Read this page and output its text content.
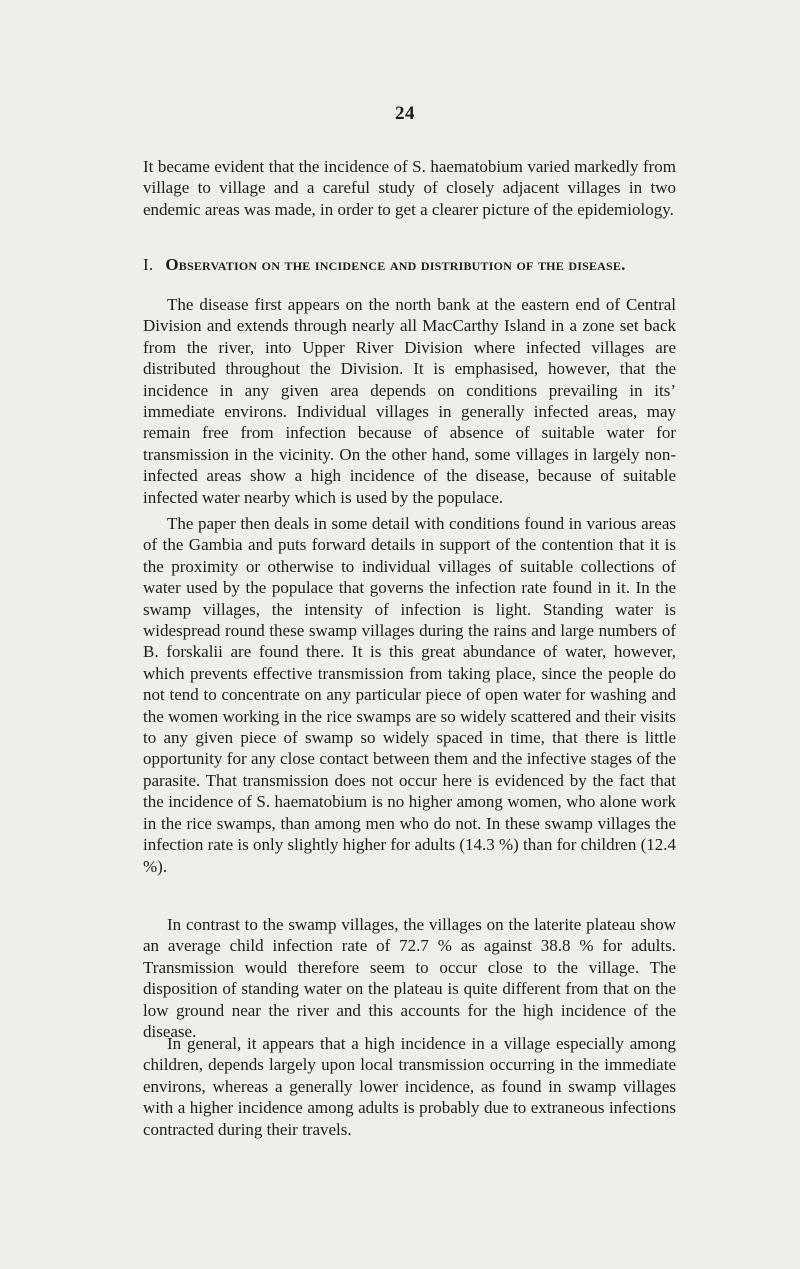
24

It became evident that the incidence of S. haematobium varied markedly from village to village and a careful study of closely adjacent villages in two endemic areas was made, in order to get a clearer picture of the epidemiology.

I. Observation on the incidence and distribution of the disease.

The disease first appears on the north bank at the eastern end of Central Division and extends through nearly all MacCarthy Island in a zone set back from the river, into Upper River Division where infected villages are distributed throughout the Division. It is emphasised, however, that the incidence in any given area depends on conditions prevailing in its’ immediate environs. Individual villages in generally infected areas, may remain free from infection because of absence of suitable water for transmission in the vicinity. On the other hand, some villages in largely non-infected areas show a high incidence of the disease, because of suitable infected water nearby which is used by the populace.

The paper then deals in some detail with conditions found in various areas of the Gambia and puts forward details in support of the contention that it is the proximity or otherwise to individual villages of suitable collections of water used by the populace that governs the infection rate found in it. In the swamp villages, the intensity of infection is light. Standing water is widespread round these swamp villages during the rains and large numbers of B. forskalii are found there. It is this great abundance of water, however, which prevents effective transmission from taking place, since the people do not tend to concentrate on any particular piece of open water for washing and the women working in the rice swamps are so widely scattered and their visits to any given piece of swamp so widely spaced in time, that there is little opportunity for any close contact between them and the infective stages of the parasite. That transmission does not occur here is evidenced by the fact that the incidence of S. haematobium is no higher among women, who alone work in the rice swamps, than among men who do not. In these swamp villages the infection rate is only slightly higher for adults (14.3 %) than for children (12.4 %).

In contrast to the swamp villages, the villages on the laterite plateau show an average child infection rate of 72.7 % as against 38.8 % for adults. Transmission would therefore seem to occur close to the village. The disposition of standing water on the plateau is quite different from that on the low ground near the river and this accounts for the high incidence of the disease.

In general, it appears that a high incidence in a village especially among children, depends largely upon local transmission occurring in the immediate environs, whereas a generally lower incidence, as found in swamp villages with a higher incidence among adults is probably due to extraneous infections contracted during their travels.
